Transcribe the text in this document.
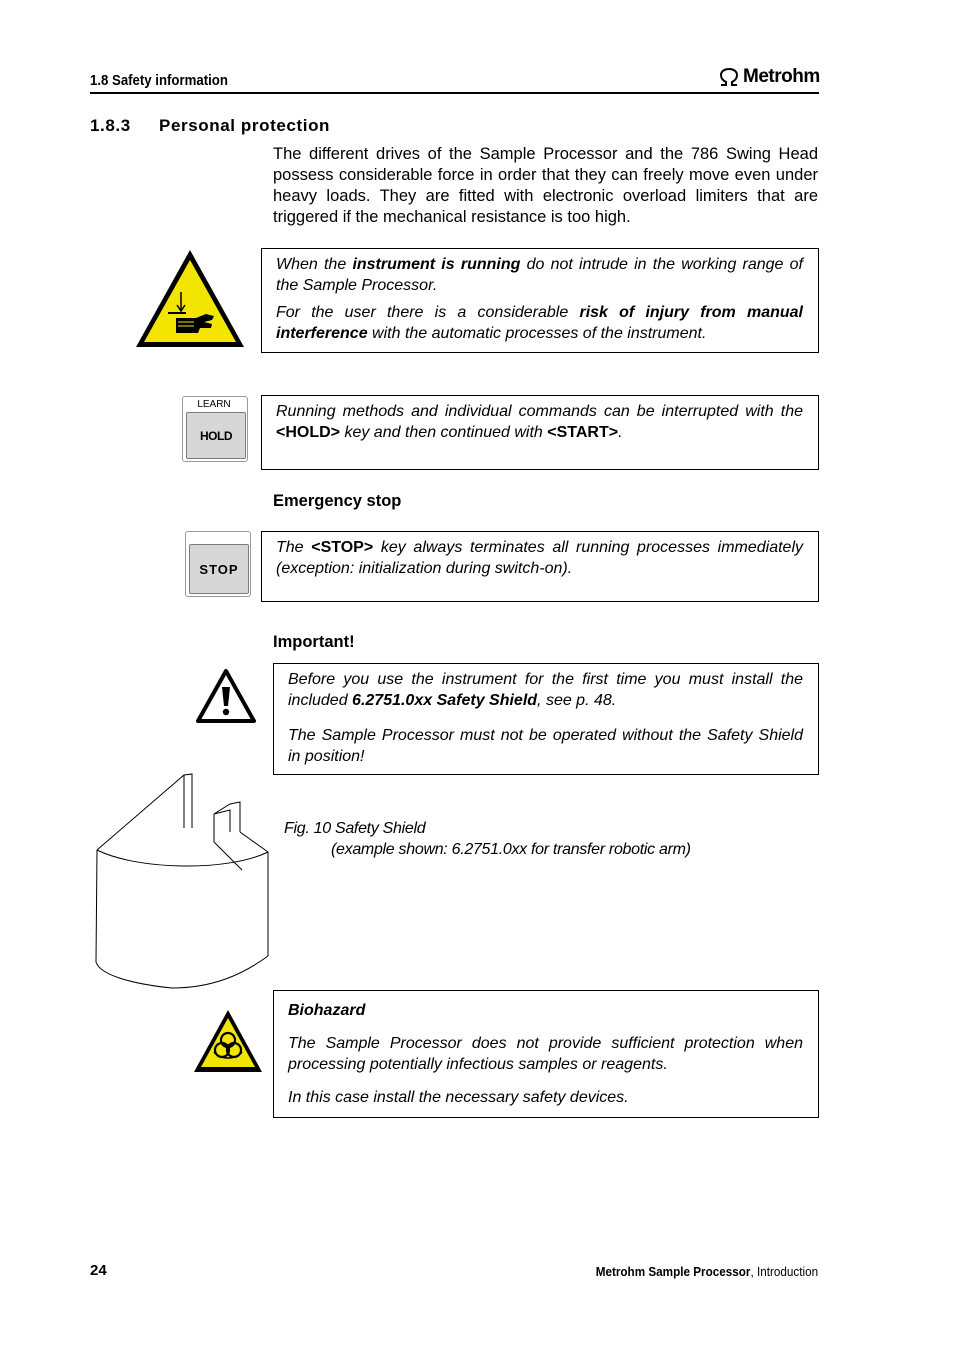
1.8 Safety information	Metrohm
1.8.3 Personal protection
The different drives of the Sample Processor and the 786 Swing Head possess considerable force in order that they can freely move even under heavy loads. They are fitted with electronic overload limiters that are triggered if the mechanical resistance is too high.

When the instrument is running do not intrude in the working range of the Sample Processor.

For the user there is a considerable risk of injury from manual interference with the automatic processes of the instrument.

LEARN
HOLD

Running methods and individual commands can be interrupted with the <HOLD> key and then continued with <START>.

Emergency stop
STOP

The <STOP> key always terminates all running processes immediately (exception: initialization during switch-on).

Important!

Before you use the instrument for the first time you must install the included 6.2751.0xx Safety Shield, see p. 48.

The Sample Processor must not be operated without the Safety Shield in position!

Fig. 10 Safety Shield
(example shown: 6.2751.0xx for transfer robotic arm)

Biohazard

The Sample Processor does not provide sufficient protection when processing potentially infectious samples or reagents.

In this case install the necessary safety devices.

24	Metrohm Sample Processor, Introduction
